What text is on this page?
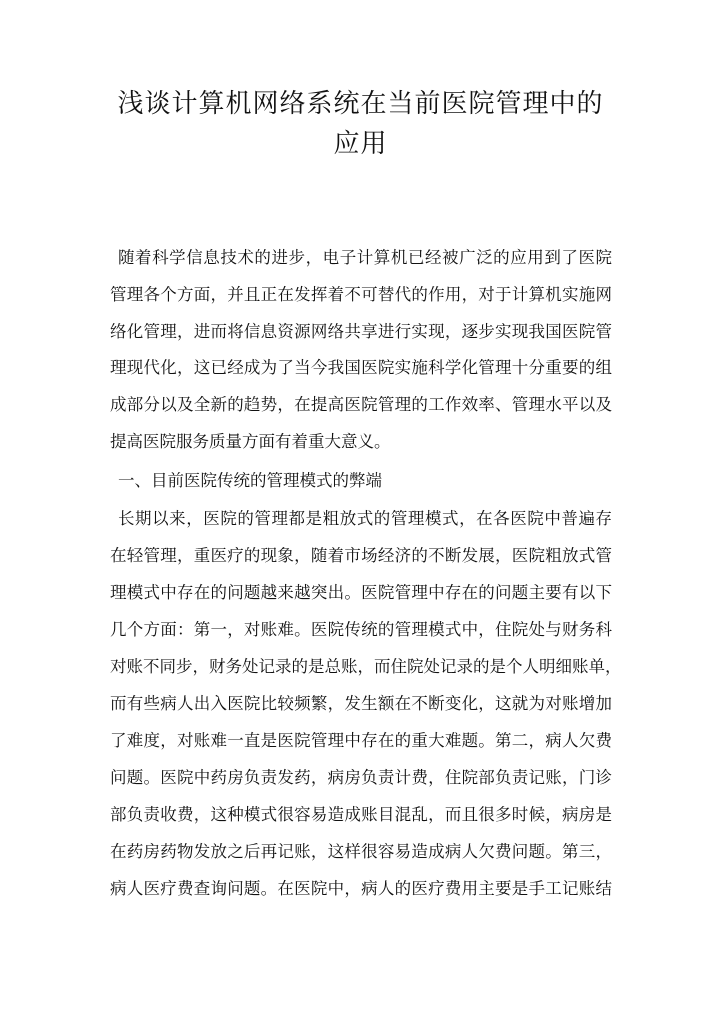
浅谈计算机网络系统在当前医院管理中的
应用
随着科学信息技术的进步，电子计算机已经被广泛的应用到了医院
管理各个方面，并且正在发挥着不可替代的作用，对于计算机实施网
络化管理，进而将信息资源网络共享进行实现，逐步实现我国医院管
理现代化，这已经成为了当今我国医院实施科学化管理十分重要的组
成部分以及全新的趋势，在提高医院管理的工作效率、管理水平以及
提高医院服务质量方面有着重大意义。
一、目前医院传统的管理模式的弊端
长期以来，医院的管理都是粗放式的管理模式，在各医院中普遍存
在轻管理，重医疗的现象，随着市场经济的不断发展，医院粗放式管
理模式中存在的问题越来越突出。医院管理中存在的问题主要有以下
几个方面：第一，对账难。医院传统的管理模式中，住院处与财务科
对账不同步，财务处记录的是总账，而住院处记录的是个人明细账单，
而有些病人出入医院比较频繁，发生额在不断变化，这就为对账增加
了难度，对账难一直是医院管理中存在的重大难题。第二，病人欠费
问题。医院中药房负责发药，病房负责计费，住院部负责记账，门诊
部负责收费，这种模式很容易造成账目混乱，而且很多时候，病房是
在药房药物发放之后再记账，这样很容易造成病人欠费问题。第三，
病人医疗费查询问题。在医院中，病人的医疗费用主要是手工记账结
